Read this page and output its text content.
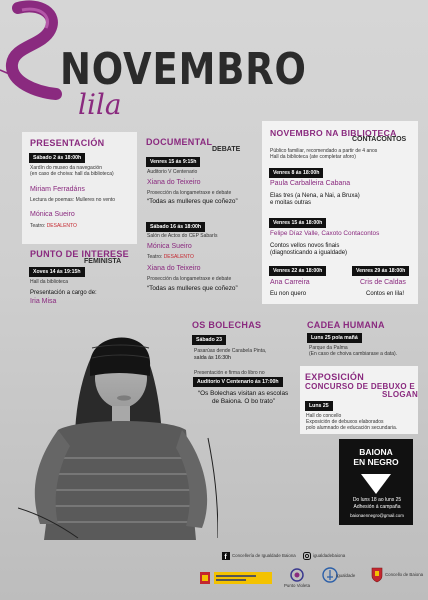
NOVEMBRO
lila
PRESENTACIÓN
Sábado 2 ás 18:00h
Xardín do museo da navegación
(en caso de choiva: hall da biblioteca)
Miriam Ferradáns
Lectura de poemas: Mulleres no vento
Mónica Sueiro
Teatro: DESALENTO
PUNTO DE INTERESE
FEMINISTA
Xoves 14 ás 19:15h
Hall da biblioteca
Presentación a cargo de:
Iria Misa
DOCUMENTAL
DEBATE
Venres 15 ás 9:15h
Auditorio V Centenario
Xiana do Teixeiro
Proxección da longametraxe e debate
“Todas as mulleres que coñezo”
Sábado 16 ás 18:00h
Salón de Actos do CEP Sabarís
Mónica Sueiro
Teatro: DESALENTO
Xiana do Teixeiro
Proxección da longametraxe e debate
“Todas as mulleres que coñezo”
NOVEMBRO NA BIBLIOTECA
CONTACONTOS
Público familiar, recomendado a partir de 4 anos
Hall da biblioteca (ate completar aforo)
Venres 8 ás 18:00h
Paula Carballeira Cabana
Elas tres (a Nena, a Nai, a Bruxa)
e moitas outras
Venres 15 ás 18:00h
Felipe Díaz Valle, Caxoto Contacontos
Contos vellos novos finais
(diagnosticando a igualdade)
Venres 22 ás 18:00h	Venres 29 ás 18:00h
Ana Carreira	Cris de Caldas
Eu non quero	Contos en lila!
OS BOLECHAS
Sábado 23
Pasarúas dende Carabela Pinta,
saída ás 16:30h
Presentación e firma do libro no
Auditorio V Centenario ás 17:00h
“Os Bolechas visitan as escolas
de Baiona. O bo trato”
CADEA HUMANA
Luns 25 pola mañá
Parque da Palma
(En caso de choiva cambiarase a data).
EXPOSICIÓN
CONCURSO DE DEBUXO E
SLOGAN
Luns 25
Hall do concello
Exposición de debuxos elaborados
polo alumnado de educación secundaria.
BAIONA
EN NEGRO
Do luns 18 ao luns 25
Adhesión á campaña
baionaennegro@gmail.com
f Concellería de Igualdade Baiona	igualdadebaiona
Punto Violeta
Igualdade	Concello de Baiona
